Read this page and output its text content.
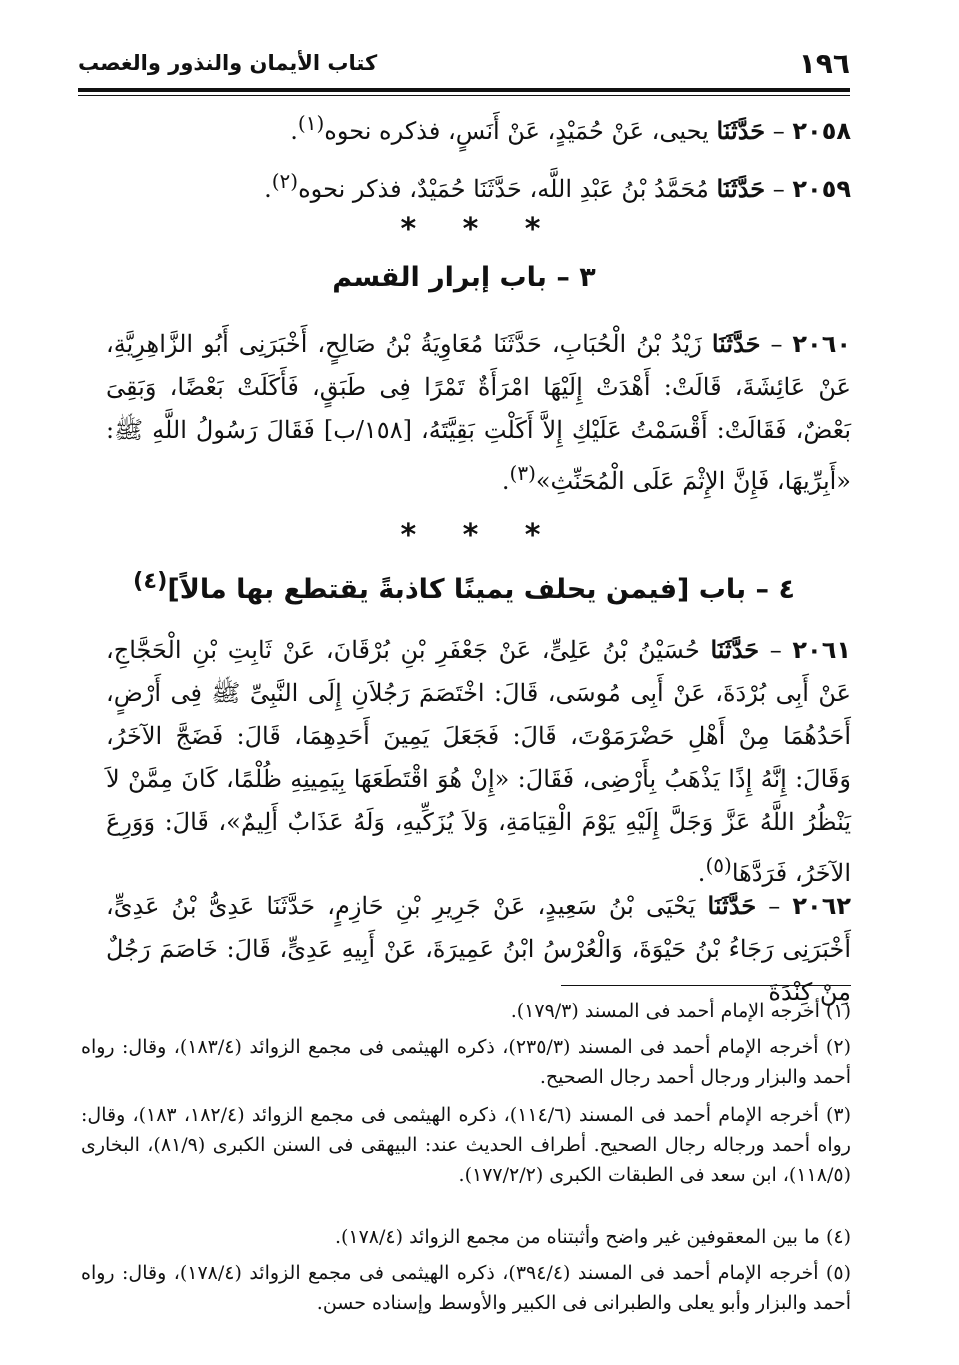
١٩٦
كتاب الأيمان والنذور والغصب

٢٠٥٨ – حَدَّثَنَا يحيى، عَنْ حُمَيْدٍ، عَنْ أَنَسٍ، فذكره نحوه$^{(١)}$.

٢٠٥٩ – حَدَّثَنَا مُحَمَّدُ بْنُ عَبْدِ اللَّه، حَدَّثَنَا حُمَيْدٌ، فذكر نحوه$^{(٢)}$.

* * *
٣ – باب إبرار القسم

٢٠٦٠ – حَدَّثَنَا زَيْدُ بْنُ الْحُبَابِ، حَدَّثَنَا مُعَاوِيَةُ بْنُ صَالِحٍ، أَخْبَرَنِى أَبُو الزَّاهِرِيَّةِ، عَنْ عَائِشَةَ، قَالَتْ: أَهْدَتْ إِلَيْهَا امْرَأَةٌ تَمْرًا فِى طَبَقٍ، فَأَكَلَتْ بَعْضًا، وَبَقِىَ بَعْضٌ، فَقَالَتْ: أَقْسَمْتُ عَلَيْكِ إِلاَّ أَكَلْتِ بَقِيَّتَهُ، [١٥٨/ب] فَقَالَ رَسُولُ اللَّهِ ﷺ: «أَبِرِّيهَا، فَإِنَّ الإِثْمَ عَلَى الْمُحَنِّثِ»$^{(٣)}$.

* * *
٤ – باب [فيمن يحلف يمينًا كاذبةً يقتطع بها مالاً]$^{(٤)}$

٢٠٦١ – حَدَّثَنَا حُسَيْنُ بْنُ عَلِىٍّ، عَنْ جَعْفَرِ بْنِ بُرْقَانَ، عَنْ ثَابِتِ بْنِ الْحَجَّاجِ، عَنْ أَبِى بُرْدَةَ، عَنْ أَبِى مُوسَى، قَالَ: اخْتَصَمَ رَجُلاَنِ إِلَى النَّبِىِّ ﷺ فِى أَرْضٍ، أَحَدُهُمَا مِنْ أَهْلِ حَضْرَمَوْتَ، قَالَ: فَجَعَلَ يَمِينَ أَحَدِهِمَا، قَالَ: فَضَجَّ الآخَرُ، وَقَالَ: إِنَّهُ إِذًا يَذْهَبُ بِأَرْضِى، فَقَالَ: «إِنْ هُوَ اقْتَطَعَهَا بِيَمِينِهِ ظُلْمًا، كَانَ مِمَّنْ لاَ يَنْظُرُ اللَّهُ عَزَّ وَجَلَّ إِلَيْهِ يَوْمَ الْقِيَامَةِ، وَلاَ يُزَكِّيهِ، وَلَهُ عَذَابٌ أَلِيمٌ»، قَالَ: وَوَرِعَ الآخَرُ، فَرَدَّهَا$^{(٥)}$.

٢٠٦٢ – حَدَّثَنَا يَحْيَى بْنُ سَعِيدٍ، عَنْ جَرِيرِ بْنِ حَازِمٍ، حَدَّثَنَا عَدِىُّ بْنُ عَدِىٍّ، أَخْبَرَنِى رَجَاءُ بْنُ حَيْوَةَ، وَالْعُرْسُ ابْنُ عَمِيرَةَ، عَنْ أَبِيهِ عَدِىٍّ، قَالَ: خَاصَمَ رَجُلٌ مِنْ كِنْدَةَ

(١) أخرجه الإمام أحمد فى المسند (١٧٩/٣).

(٢) أخرجه الإمام أحمد فى المسند (٢٣٥/٣)، ذكره الهيثمى فى مجمع الزوائد (١٨٣/٤)، وقال: رواه أحمد والبزار ورجال أحمد رجال الصحيح.

(٣) أخرجه الإمام أحمد فى المسند (١١٤/٦)، ذكره الهيثمى فى مجمع الزوائد (١٨٢/٤، ١٨٣)، وقال: رواه أحمد ورجاله رجال الصحيح. أطراف الحديث عند: البيهقى فى السنن الكبرى (٨١/٩)، البخارى (١١٨/٥)، ابن سعد فى الطبقات الكبرى (١٧٧/٢/٢).

(٤) ما بين المعقوفين غير واضح وأثبتناه من مجمع الزوائد (١٧٨/٤).

(٥) أخرجه الإمام أحمد فى المسند (٣٩٤/٤)، ذكره الهيثمى فى مجمع الزوائد (١٧٨/٤)، وقال: رواه أحمد والبزار وأبو يعلى والطبرانى فى الكبير والأوسط وإسناده حسن.
